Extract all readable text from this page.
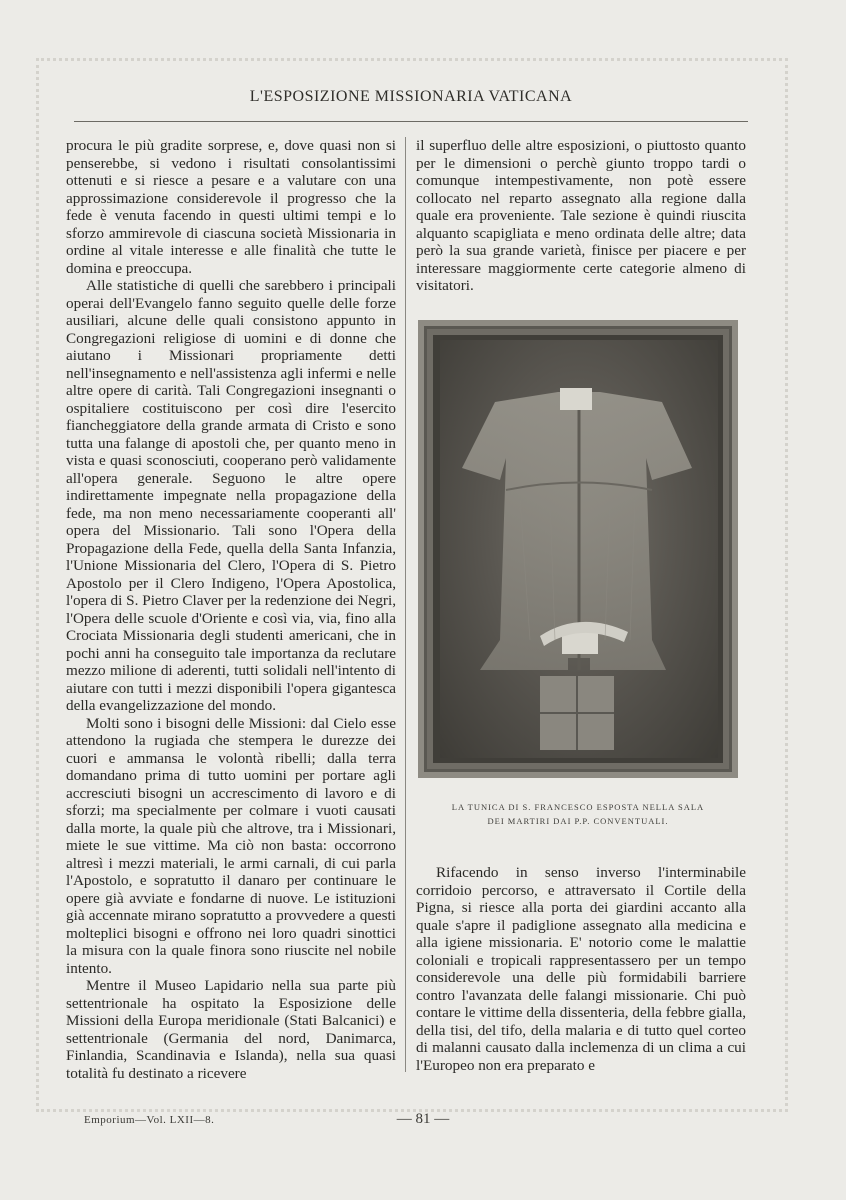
L'ESPOSIZIONE MISSIONARIA VATICANA

procura le più gradite sorprese, e, dove quasi non si penserebbe, si vedono i risultati consolantissimi ottenuti e si riesce a pesare e a valutare con una approssimazione considerevole il progresso che la fede è venuta facendo in questi ultimi tempi e lo sforzo ammirevole di ciascuna società Missionaria in ordine al vitale interesse e alle finalità che tutte le domina e preoccupa.

Alle statistiche di quelli che sarebbero i principali operai dell'Evangelo fanno seguito quelle delle forze ausiliari, alcune delle quali consistono appunto in Congregazioni religiose di uomini e di donne che aiutano i Missionari propriamente detti nell'insegnamento e nell'assistenza agli infermi e nelle altre opere di carità. Tali Congregazioni insegnanti o ospitaliere costituiscono per così dire l'esercito fiancheggiatore della grande armata di Cristo e sono tutta una falange di apostoli che, per quanto meno in vista e quasi sconosciuti, cooperano però validamente all'opera generale. Seguono le altre opere indirettamente impegnate nella propagazione della fede, ma non meno necessariamente cooperanti all' opera del Missionario. Tali sono l'Opera della Propagazione della Fede, quella della Santa Infanzia, l'Unione Missionaria del Clero, l'Opera di S. Pietro Apostolo per il Clero Indigeno, l'Opera Apostolica, l'opera di S. Pietro Claver per la redenzione dei Negri, l'Opera delle scuole d'Oriente e così via, via, fino alla Crociata Missionaria degli studenti americani, che in pochi anni ha conseguito tale importanza da reclutare mezzo milione di aderenti, tutti solidali nell'intento di aiutare con tutti i mezzi disponibili l'opera gigantesca della evangelizzazione del mondo.

Molti sono i bisogni delle Missioni: dal Cielo esse attendono la rugiada che stempera le durezze dei cuori e ammansa le volontà ribelli; dalla terra domandano prima di tutto uomini per portare agli accresciuti bisogni un accrescimento di lavoro e di sforzi; ma specialmente per colmare i vuoti causati dalla morte, la quale più che altrove, tra i Missionari, miete le sue vittime. Ma ciò non basta: occorrono altresì i mezzi materiali, le armi carnali, di cui parla l'Apostolo, e sopratutto il danaro per continuare le opere già avviate e fondarne di nuove. Le istituzioni già accennate mirano sopratutto a provvedere a questi molteplici bisogni e offrono nei loro quadri sinottici la misura con la quale finora sono riuscite nel nobile intento.

Mentre il Museo Lapidario nella sua parte più settentrionale ha ospitato la Esposizione delle Missioni della Europa meridionale (Stati Balcanici) e settentrionale (Germania del nord, Danimarca, Finlandia, Scandinavia e Islanda), nella sua quasi totalità fu destinato a ricevere

il superfluo delle altre esposizioni, o piuttosto quanto per le dimensioni o perchè giunto troppo tardi o comunque intempestivamente, non potè essere collocato nel reparto assegnato alla regione dalla quale era proveniente. Tale sezione è quindi riuscita alquanto scapigliata e meno ordinata delle altre; data però la sua grande varietà, finisce per piacere e per interessare maggiormente certe categorie almeno di visitatori.

LA TUNICA DI S. FRANCESCO ESPOSTA NELLA SALA
DEI MARTIRI DAI P.P. CONVENTUALI.

Rifacendo in senso inverso l'interminabile corridoio percorso, e attraversato il Cortile della Pigna, si riesce alla porta dei giardini accanto alla quale s'apre il padiglione assegnato alla medicina e alla igiene missionaria. E' notorio come le malattie coloniali e tropicali rappresentassero per un tempo considerevole una delle più formidabili barriere contro l'avanzata delle falangi missionarie. Chi può contare le vittime della dissenteria, della febbre gialla, della tisi, del tifo, della malaria e di tutto quel corteo di malanni causato dalla inclemenza di un clima a cui l'Europeo non era preparato e

Emporium—Vol. LXII—8.	— 81 —
